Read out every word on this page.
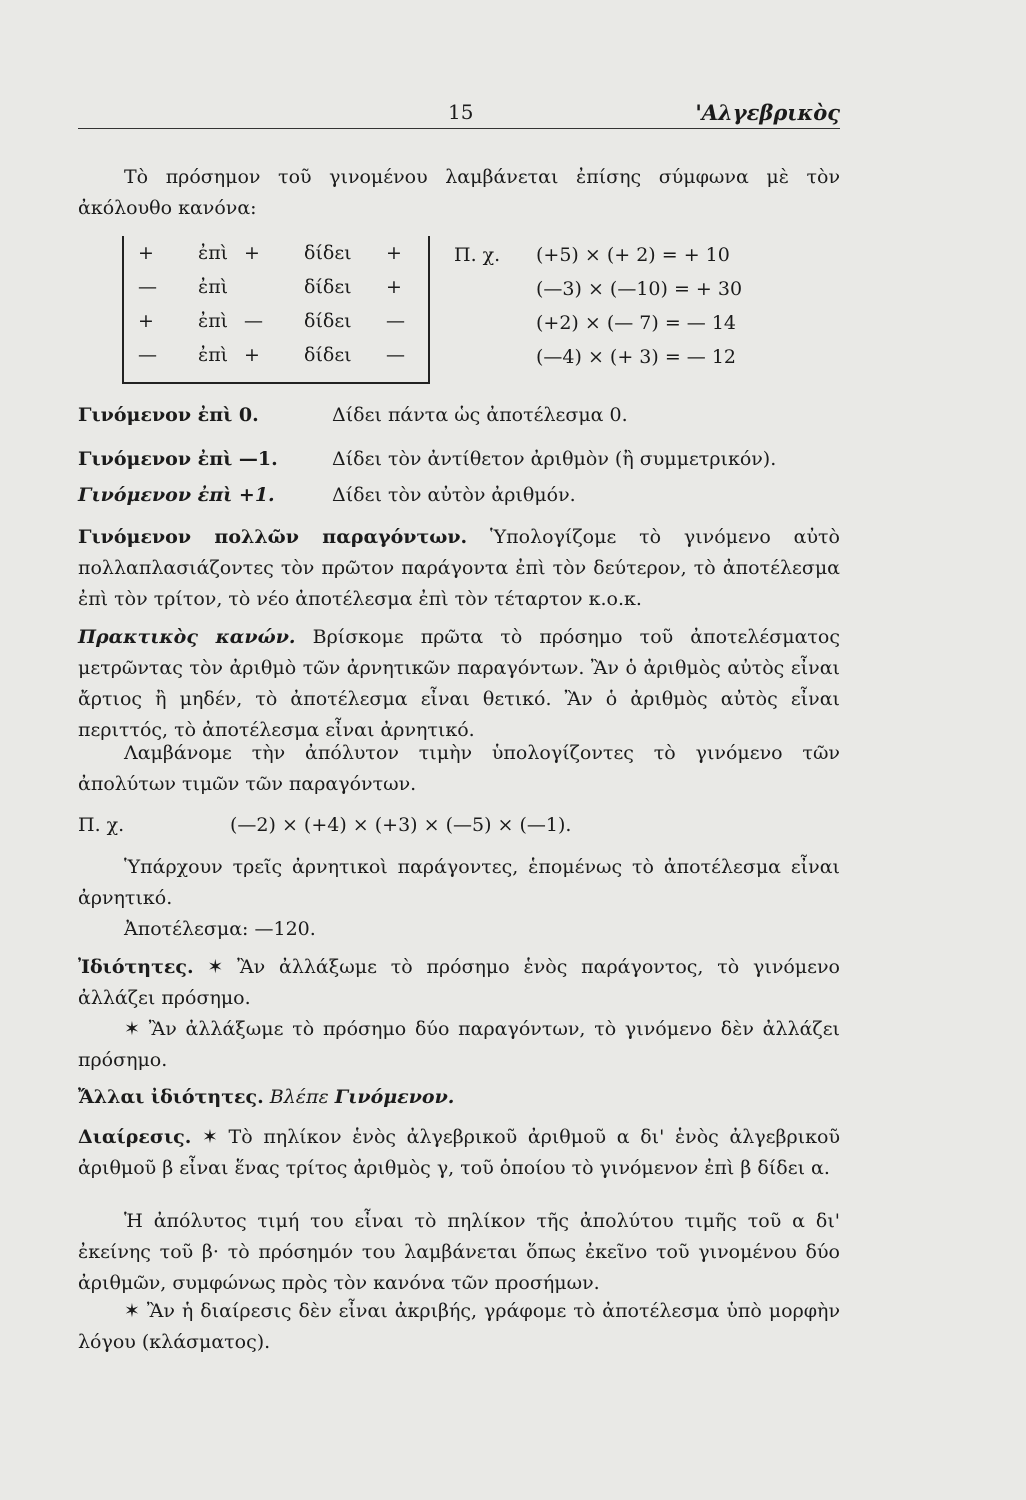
15	'Αλγεβρικὸς

Τὸ πρόσημον τοῦ γινομένου λαμβάνεται ἐπίσης σύμφωνα μὲ τὸν ἀκόλουθο κανόνα:

+ ἐπὶ + δίδει +
— ἐπὶ	δίδει +
+ ἐπὶ — δίδει —
— ἐπὶ + δίδει —
Π. χ. (+5) × (+ 2) = + 10
(—3) × (—10) = + 30
(+2) × (— 7) = — 14
(—4) × (+ 3) = — 12
Γινόμενον ἐπὶ 0.	Δίδει πάντα ὡς ἀποτέλεσμα 0.
Γινόμενον ἐπὶ —1.	Δίδει τὸν ἀντίθετον ἀριθμὸν (ἢ συμμετρικόν).
Γινόμενον ἐπὶ +1.	Δίδει τὸν αὐτὸν ἀριθμόν.

Γινόμενον πολλῶν παραγόντων. Ὑπολογίζομε τὸ γινόμενο αὐτὸ πολλαπλασιάζοντες τὸν πρῶτον παράγοντα ἐπὶ τὸν δεύτερον, τὸ ἀποτέλεσμα ἐπὶ τὸν τρίτον, τὸ νέο ἀποτέλεσμα ἐπὶ τὸν τέταρτον κ.ο.κ.

Πρακτικὸς κανών. Βρίσκομε πρῶτα τὸ πρόσημο τοῦ ἀποτελέσματος μετρῶντας τὸν ἀριθμὸ τῶν ἀρνητικῶν παραγόντων. Ἂν ὁ ἀριθμὸς αὐτὸς εἶναι ἄρτιος ἢ μηδέν, τὸ ἀποτέλεσμα εἶναι θετικό. Ἂν ὁ ἀριθμὸς αὐτὸς εἶναι περιττός, τὸ ἀποτέλεσμα εἶναι ἀρνητικό.

Λαμβάνομε τὴν ἀπόλυτον τιμὴν ὑπολογίζοντες τὸ γινόμενο τῶν ἀπολύτων τιμῶν τῶν παραγόντων.

Π. χ.	(—2) × (+4) × (+3) × (—5) × (—1).

Ὑπάρχουν τρεῖς ἀρνητικοὶ παράγοντες, ἑπομένως τὸ ἀποτέλεσμα εἶναι ἀρνητικό.

Ἀποτέλεσμα: —120.

Ἰδιότητες. ✶ Ἂν ἀλλάξωμε τὸ πρόσημο ἑνὸς παράγοντος, τὸ γινόμενο ἀλλάζει πρόσημο.

✶ Ἂν ἀλλάξωμε τὸ πρόσημο δύο παραγόντων, τὸ γινόμενο δὲν ἀλλάζει πρόσημο.

Ἄλλαι ἰδιότητες. Βλέπε Γινόμενον.

Διαίρεσις. ✶ Τὸ πηλίκον ἑνὸς ἀλγεβρικοῦ ἀριθμοῦ α δι' ἑνὸς ἀλγεβρικοῦ ἀριθμοῦ β εἶναι ἕνας τρίτος ἀριθμὸς γ, τοῦ ὁποίου τὸ γινόμενον ἐπὶ β δίδει α.

Ἡ ἀπόλυτος τιμή του εἶναι τὸ πηλίκον τῆς ἀπολύτου τιμῆς τοῦ α δι' ἐκείνης τοῦ β· τὸ πρόσημόν του λαμβάνεται ὅπως ἐκεῖνο τοῦ γινομένου δύο ἀριθμῶν, συμφώνως πρὸς τὸν κανόνα τῶν προσήμων.

✶ Ἂν ἡ διαίρεσις δὲν εἶναι ἀκριβής, γράφομε τὸ ἀποτέλεσμα ὑπὸ μορφὴν λόγου (κλάσματος).
